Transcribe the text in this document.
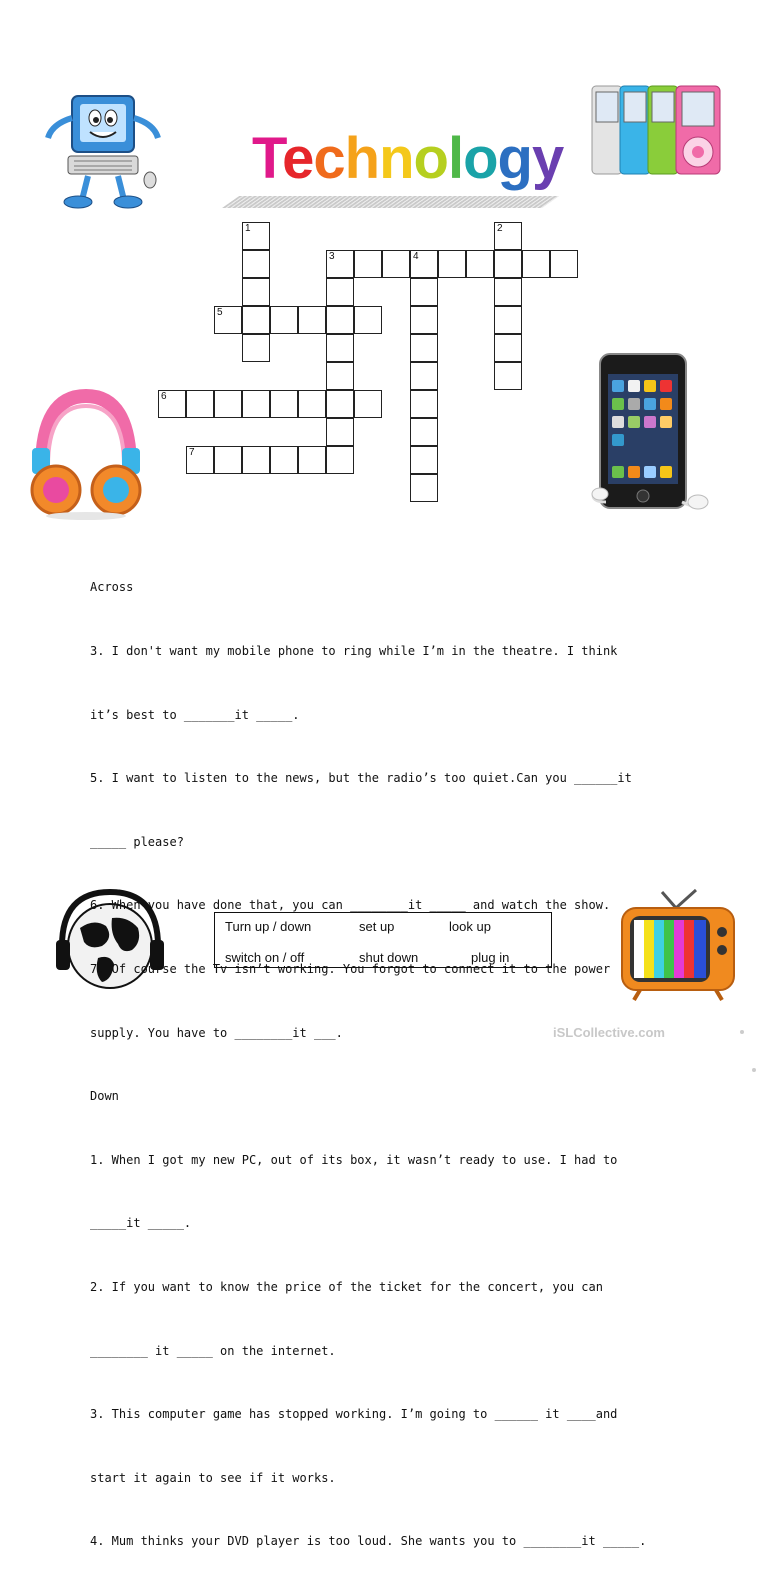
Technology
1	2
3	4
5
6
7

Across

3. I don't want my mobile phone to ring while I’m in the theatre. I think

it’s best to _______it _____.

5. I want to listen to the news, but the radio’s too quiet.Can you ______it

_____ please?

6. When you have done that, you can ________it _____ and watch the show.

7. Of course the Tv isn’t working. You forgot to connect it to the power

supply. You have to ________it ___.

Down

1. When I got my new PC, out of its box, it wasn’t ready to use. I had to

_____it _____.

2. If you want to know the price of the ticket for the concert, you can

________ it _____ on the internet.

3. This computer game has stopped working. I’m going to ______ it ____and

start it again to see if it works.

4. Mum thinks your DVD player is too loud. She wants you to ________it _____.

Turn up / down	set up	look up
switch on / off	shut down	plug in
iSLCollective.com
